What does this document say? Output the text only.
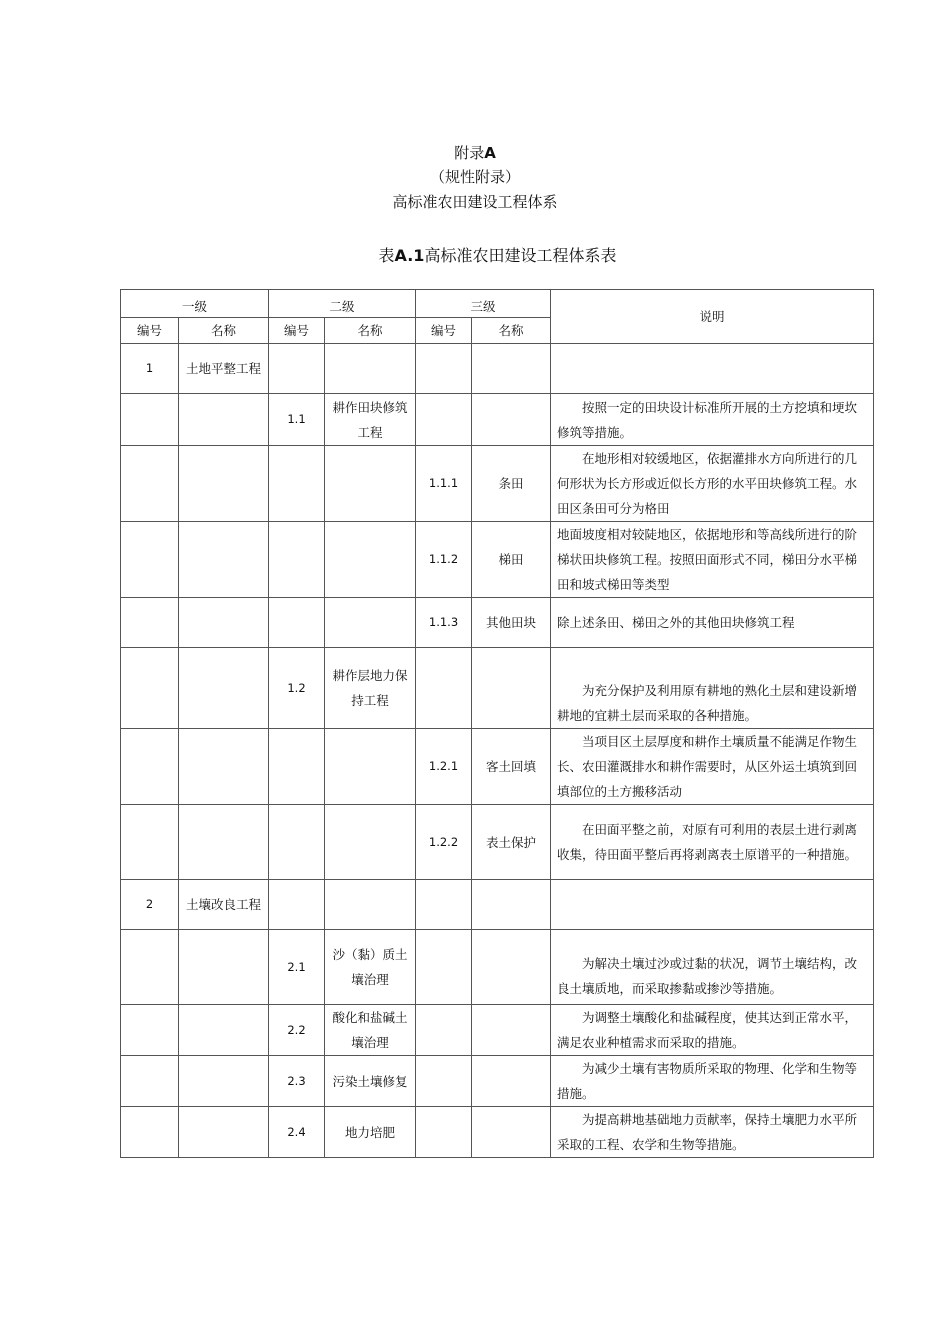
附录A
（规性附录）
高标准农田建设工程体系
表A.1高标准农田建设工程体系表
一级		二级		三级		说明
编号	名称	编号	名称	编号	名称	
1	土地平整工程					
		1.1	耕作田块修筑工程			按照一定的田块设计标准所开展的土方挖填和埂坎修筑等措施。
				1.1.1	条田	在地形相对较缓地区，依据灌排水方向所进行的几何形状为长方形或近似长方形的水平田块修筑工程。水田区条田可分为格田
				1.1.2	梯田	地面坡度相对较陡地区，依据地形和等高线所进行的阶梯状田块修筑工程。按照田面形式不同，梯田分水平梯田和坡式梯田等类型
				1.1.3	其他田块	除上述条田、梯田之外的其他田块修筑工程
		1.2	耕作层地力保持工程			为充分保护及利用原有耕地的熟化土层和建设新增耕地的宜耕土层而采取的各种措施。
				1.2.1	客土回填	当项目区土层厚度和耕作土壤质量不能满足作物生长、农田灌溉排水和耕作需要时，从区外运土填筑到回填部位的土方搬移活动
				1.2.2	表土保护	在田面平整之前，对原有可利用的表层土进行剥离收集，待田面平整后再将剥离表土原谱平的一种措施。
2	土壤改良工程					
		2.1	沙（黏）质土壤治理			为解决土壤过沙或过黏的状况，调节土壤结构，改良土壤质地，而采取掺黏或掺沙等措施。
		2.2	酸化和盐碱土壤治理			为调整土壤酸化和盐碱程度，使其达到正常水平，满足农业种植需求而采取的措施。
		2.3	污染土壤修复			为减少土壤有害物质所采取的物理、化学和生物等措施。
		2.4	地力培肥			为提高耕地基础地力贡献率，保持土壤肥力水平所采取的工程、农学和生物等措施。
